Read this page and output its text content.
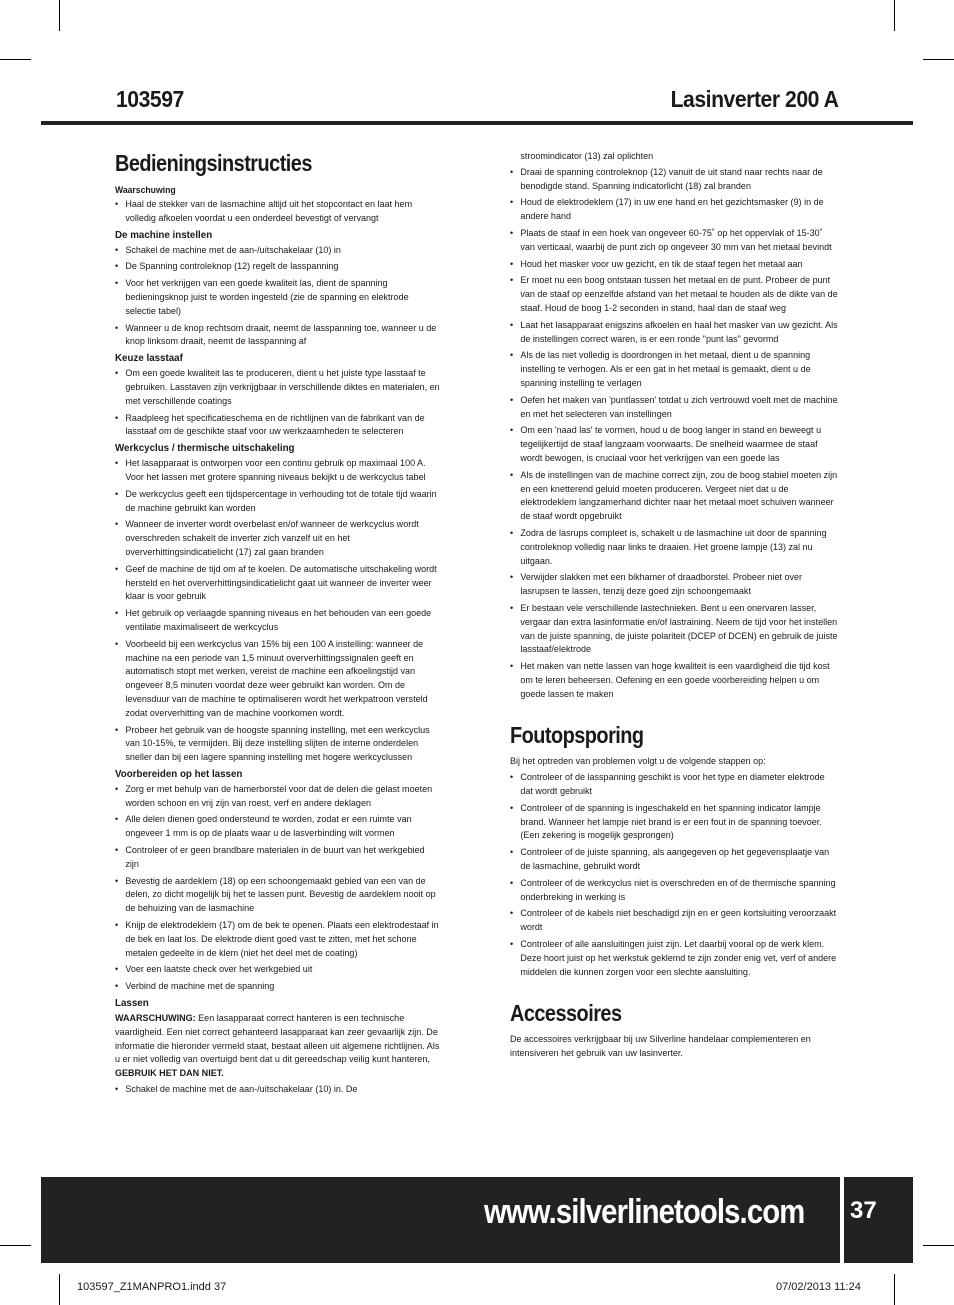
103597	Lasinverter 200 A
Bedieningsinstructies
Waarschuwing
• Haal de stekker van de lasmachine altijd uit het stopcontact en laat hem volledig afkoelen voordat u een onderdeel bevestigt of vervangt
De machine instellen
• Schakel de machine met de aan-/uitschakelaar (10) in
• De Spanning controleknop (12) regelt de lasspanning
• Voor het verkrijgen van een goede kwaliteit las, dient de spanning bedieningsknop juist te worden ingesteld (zie de spanning en elektrode selectie tabel)
• Wanneer u de knop rechtsom draait, neemt de lasspanning toe, wanneer u de knop linksom draait, neemt de lasspanning af
Keuze lasstaaf
• Om een goede kwaliteit las te produceren, dient u het juiste type lasstaaf te gebruiken. Lasstaven zijn verkrijgbaar in verschillende diktes en materialen, en met verschillende coatings
• Raadpleeg het specificatieschema en de richtlijnen van de fabrikant van de lasstaaf om de geschikte staaf voor uw werkzaamheden te selecteren
Werkcyclus / thermische uitschakeling
• Het lasapparaat is ontworpen voor een continu gebruik op maximaal 100 A. Voor het lassen met grotere spanning niveaus bekijkt u de werkcyclus tabel
• De werkcyclus geeft een tijdspercentage in verhouding tot de totale tijd waarin de machine gebruikt kan worden
• Wanneer de inverter wordt overbelast en/of wanneer de werkcyclus wordt overschreden schakelt de inverter zich vanzelf uit en het oververhittingsindicatielicht (17) zal gaan branden
• Geef de machine de tijd om af te koelen. De automatische uitschakeling wordt hersteld en het oververhittingsindicatielicht gaat uit wanneer de inverter weer klaar is voor gebruik
• Het gebruik op verlaagde spanning niveaus en het behouden van een goede ventilatie maximaliseert de werkcyclus
• Voorbeeld bij een werkcyclus van 15% bij een 100 A instelling: wanneer de machine na een periode van 1,5 minuut oververhittingssignalen geeft en automatisch stopt met werken, vereist de machine een afkoelingstijd van ongeveer 8,5 minuten voordat deze weer gebruikt kan worden. Om de levensduur van de machine te optimaliseren wordt het werkpatroon versteld zodat oververhitting van de machine voorkomen wordt.
• Probeer het gebruik van de hoogste spanning instelling, met een werkcyclus van 10-15%, te vermijden. Bij deze instelling slijten de interne onderdelen sneller dan bij een lagere spanning instelling met hogere werkcyclussen
Voorbereiden op het lassen
• Zorg er met behulp van de hamerborstel voor dat de delen die gelast moeten worden schoon en vrij zijn van roest, verf en andere deklagen
• Alle delen dienen goed ondersteund te worden, zodat er een ruimte van ongeveer 1 mm is op de plaats waar u de lasverbinding wilt vormen
• Controleer of er geen brandbare materialen in de buurt van het werkgebied zijn
• Bevestig de aardeklem (18) op een schoongemaakt gebied van een van de delen, zo dicht mogelijk bij het te lassen punt. Bevestig de aardeklem nooit op de behuizing van de lasmachine
• Knijp de elektrodeklem (17) om de bek te openen. Plaats een elektrodestaaf in de bek en laat los. De elektrode dient goed vast te zitten, met het schone metalen gedeelte in de klem (niet het deel met de coating)
• Voer een laatste check over het werkgebied uit
• Verbind de machine met de spanning
Lassen

WAARSCHUWING: Een lasapparaat correct hanteren is een technische vaardigheid. Een niet correct gehanteerd lasapparaat kan zeer gevaarlijk zijn. De informatie die hieronder vermeld staat, bestaat alleen uit algemene richtlijnen. Als u er niet volledig van overtuigd bent dat u dit gereedschap veilig kunt hanteren, GEBRUIK HET DAN NIET.

• Schakel de machine met de aan-/uitschakelaar (10) in. De

stroomindicator (13) zal oplichten

• Draai de spanning controleknop (12) vanuit de uit stand naar rechts naar de benodigde stand. Spanning indicatorlicht (18) zal branden
• Houd de elektrodeklem (17) in uw ene hand en het gezichtsmasker (9) in de andere hand
• Plaats de staaf in een hoek van ongeveer 60-75˚ op het oppervlak of 15-30˚ van verticaal, waarbij de punt zich op ongeveer 30 mm van het metaal bevindt
• Houd het masker voor uw gezicht, en tik de staaf tegen het metaal aan
• Er moet nu een boog ontstaan tussen het metaal en de punt. Probeer de punt van de staaf op eenzelfde afstand van het metaal te houden als de dikte van de staaf. Houd de boog 1-2 seconden in stand, haal dan de staaf weg
• Laat het lasapparaat enigszins afkoelen en haal het masker van uw gezicht. Als de instellingen correct waren, is er een ronde "punt las" gevormd
• Als de las niet volledig is doordrongen in het metaal, dient u de spanning instelling te verhogen. Als er een gat in het metaal is gemaakt, dient u de spanning instelling te verlagen
• Oefen het maken van 'puntlassen' totdat u zich vertrouwd voelt met de machine en met het selecteren van instellingen
• Om een 'naad las' te vormen, houd u de boog langer in stand en beweegt u tegelijkertijd de staaf langzaam voorwaarts. De snelheid waarmee de staaf wordt bewogen, is cruciaal voor het verkrijgen van een goede las
• Als de instellingen van de machine correct zijn, zou de boog stabiel moeten zijn en een knetterend geluid moeten produceren. Vergeet niet dat u de elektrodeklem langzamerhand dichter naar het metaal moet schuiven wanneer de staaf wordt opgebruikt
• Zodra de lasrups compleet is, schakelt u de lasmachine uit door de spanning controleknop volledig naar links te draaien. Het groene lampje (13) zal nu uitgaan.
• Verwijder slakken met een bikhamer of draadborstel. Probeer niet over lasrupsen te lassen, tenzij deze goed zijn schoongemaakt
• Er bestaan vele verschillende lastechnieken. Bent u een onervaren lasser, vergaar dan extra lasinformatie en/of lastraining. Neem de tijd voor het instellen van de juiste spanning, de juiste polariteit (DCEP of DCEN) en gebruik de juiste lasstaaf/elektrode
• Het maken van nette lassen van hoge kwaliteit is een vaardigheid die tijd kost om te leren beheersen. Oefening en een goede voorbereiding helpen u om goede lassen te maken
Foutopsporing

Bij het optreden van problemen volgt u de volgende stappen op:

• Controleer of de lasspanning geschikt is voor het type en diameter elektrode dat wordt gebruikt
• Controleer of de spanning is ingeschakeld en het spanning indicator lampje brand. Wanneer het lampje niet brand is er een fout in de spanning toevoer. (Een zekering is mogelijk gesprongen)
• Controleer of de juiste spanning, als aangegeven op het gegevensplaatje van de lasmachine, gebruikt wordt
• Controleer of de werkcyclus niet is overschreden en of de thermische spanning onderbreking in werking is
• Controleer of de kabels niet beschadigd zijn en er geen kortsluiting veroorzaakt wordt
• Controleer of alle aansluitingen juist zijn. Let daarbij vooral op de werk klem. Deze hoort juist op het werkstuk geklemd te zijn zonder enig vet, verf of andere middelen die kunnen zorgen voor een slechte aansluiting.
Accessoires

De accessoires verkrijgbaar bij uw Silverline handelaar complementeren en intensiveren het gebruik van uw lasinverter.

www.silverlinetools.com 37
103597_Z1MANPRO1.indd 37	07/02/2013 11:24
